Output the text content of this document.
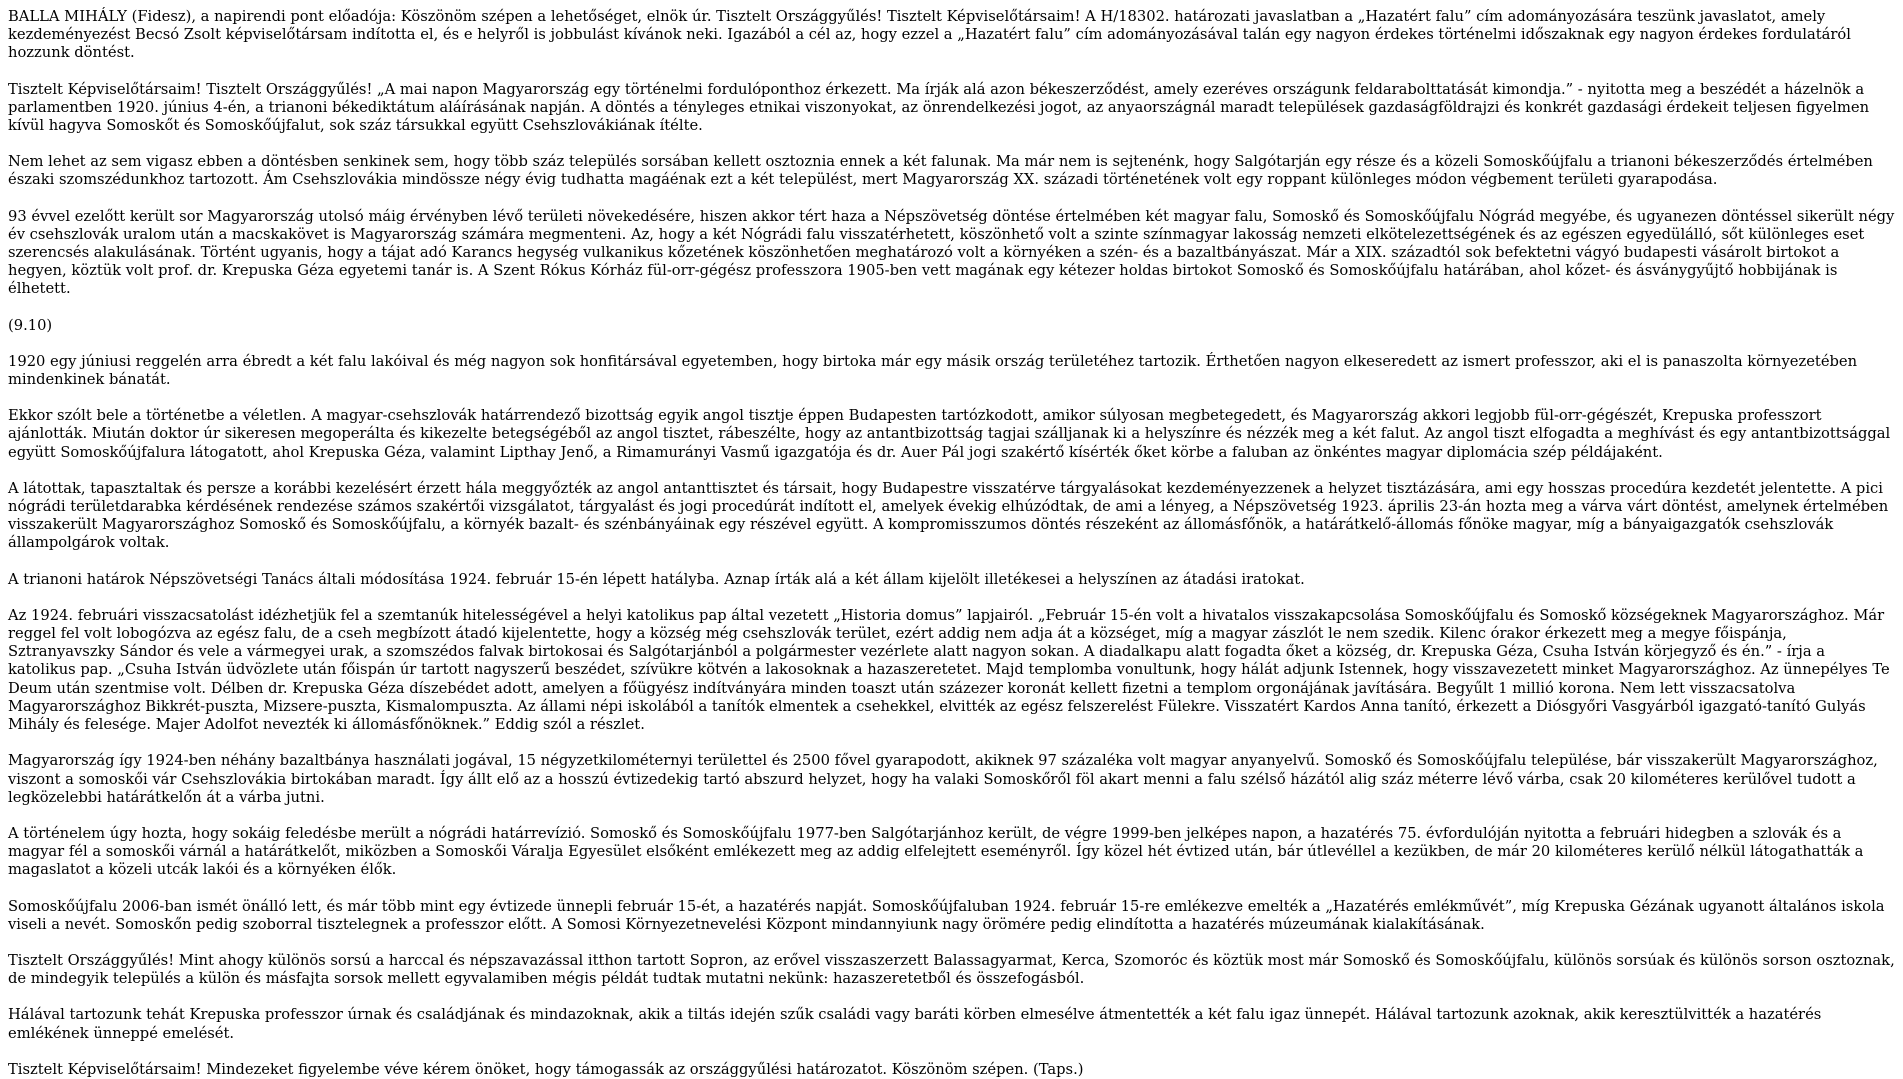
BALLA MIHÁLY (Fidesz), a napirendi pont előadója: Köszönöm szépen a lehetőséget, elnök úr. Tisztelt Országgyűlés! Tisztelt Képviselőtársaim! A H/18302. határozati javaslatban a „Hazatért falu” cím adományozására teszünk javaslatot, amely kezdeményezést Becsó Zsolt képviselőtársam indította el, és e helyről is jobbulást kívánok neki. Igazából a cél az, hogy ezzel a „Hazatért falu” cím adományozásával talán egy nagyon érdekes történelmi időszaknak egy nagyon érdekes fordulatáról hozzunk döntést.

Tisztelt Képviselőtársaim! Tisztelt Országgyűlés! „A mai napon Magyarország egy történelmi fordulóponthoz érkezett. Ma írják alá azon békeszerződést, amely ezeréves országunk feldarabolttatását kimondja.” - nyitotta meg a beszédét a házelnök a parlamentben 1920. június 4-én, a trianoni békediktátum aláírásának napján. A döntés a tényleges etnikai viszonyokat, az önrendelkezési jogot, az anyaországnál maradt települések gazdaságföldrajzi és konkrét gazdasági érdekeit teljesen figyelmen kívül hagyva Somoskőt és Somoskőújfalut, sok száz társukkal együtt Csehszlovákiának ítélte.

Nem lehet az sem vigasz ebben a döntésben senkinek sem, hogy több száz település sorsában kellett osztoznia ennek a két falunak. Ma már nem is sejtenénk, hogy Salgótarján egy része és a közeli Somoskőújfalu a trianoni békeszerződés értelmében északi szomszédunkhoz tartozott. Ám Csehszlovákia mindössze négy évig tudhatta magáénak ezt a két települést, mert Magyarország XX. századi történetének volt egy roppant különleges módon végbement területi gyarapodása.

93 évvel ezelőtt került sor Magyarország utolsó máig érvényben lévő területi növekedésére, hiszen akkor tért haza a Népszövetség döntése értelmében két magyar falu, Somoskő és Somoskőújfalu Nógrád megyébe, és ugyanezen döntéssel sikerült négy év csehszlovák uralom után a macskakövet is Magyarország számára megmenteni. Az, hogy a két Nógrádi falu visszatérhetett, köszönhető volt a szinte színmagyar lakosság nemzeti elkötelezettségének és az egészen egyedülálló, sőt különleges eset szerencsés alakulásának. Történt ugyanis, hogy a tájat adó Karancs hegység vulkanikus kőzetének köszönhetően meghatározó volt a környéken a szén- és a bazaltbányászat. Már a XIX. századtól sok befektetni vágyó budapesti vásárolt birtokot a hegyen, köztük volt prof. dr. Krepuska Géza egyetemi tanár is. A Szent Rókus Kórház fül-orr-gégész professzora 1905-ben vett magának egy kétezer holdas birtokot Somoskő és Somoskőújfalu határában, ahol kőzet- és ásványgyűjtő hobbijának is élhetett.

(9.10)

1920 egy júniusi reggelén arra ébredt a két falu lakóival és még nagyon sok honfitársával egyetemben, hogy birtoka már egy másik ország területéhez tartozik. Érthetően nagyon elkeseredett az ismert professzor, aki el is panaszolta környezetében mindenkinek bánatát.

Ekkor szólt bele a történetbe a véletlen. A magyar-csehszlovák határrendező bizottság egyik angol tisztje éppen Budapesten tartózkodott, amikor súlyosan megbetegedett, és Magyarország akkori legjobb fül-orr-gégészét, Krepuska professzort ajánlották. Miután doktor úr sikeresen megoperálta és kikezelte betegségéből az angol tisztet, rábeszélte, hogy az antantbizottság tagjai szálljanak ki a helyszínre és nézzék meg a két falut. Az angol tiszt elfogadta a meghívást és egy antantbizottsággal együtt Somoskőújfalura látogatott, ahol Krepuska Géza, valamint Lipthay Jenő, a Rimamurányi Vasmű igazgatója és dr. Auer Pál jogi szakértő kísérték őket körbe a faluban az önkéntes magyar diplomácia szép példájaként.

A látottak, tapasztaltak és persze a korábbi kezelésért érzett hála meggyőzték az angol antanttisztet és társait, hogy Budapestre visszatérve tárgyalásokat kezdeményezzenek a helyzet tisztázására, ami egy hosszas procedúra kezdetét jelentette. A pici nógrádi területdarabka kérdésének rendezése számos szakértői vizsgálatot, tárgyalást és jogi procedúrát indított el, amelyek évekig elhúzódtak, de ami a lényeg, a Népszövetség 1923. április 23-án hozta meg a várva várt döntést, amelynek értelmében visszakerült Magyarországhoz Somoskő és Somoskőújfalu, a környék bazalt- és szénbányáinak egy részével együtt. A kompromisszumos döntés részeként az állomásfőnök, a határátkelő-állomás főnöke magyar, míg a bányaigazgatók csehszlovák állampolgárok voltak.

A trianoni határok Népszövetségi Tanács általi módosítása 1924. február 15-én lépett hatályba. Aznap írták alá a két állam kijelölt illetékesei a helyszínen az átadási iratokat.

Az 1924. februári visszacsatolást idézhetjük fel a szemtanúk hitelességével a helyi katolikus pap által vezetett „Historia domus” lapjairól. „Február 15-én volt a hivatalos visszakapcsolása Somoskőújfalu és Somoskő községeknek Magyarországhoz. Már reggel fel volt lobogózva az egész falu, de a cseh megbízott átadó kijelentette, hogy a község még csehszlovák terület, ezért addig nem adja át a községet, míg a magyar zászlót le nem szedik. Kilenc órakor érkezett meg a megye főispánja, Sztranyavszky Sándor és vele a vármegyei urak, a szomszédos falvak birtokosai és Salgótarjánból a polgármester vezérlete alatt nagyon sokan. A diadalkapu alatt fogadta őket a község, dr. Krepuska Géza, Csuha István körjegyző és én.” - írja a katolikus pap. „Csuha István üdvözlete után főispán úr tartott nagyszerű beszédet, szívükre kötvén a lakosoknak a hazaszeretetet. Majd templomba vonultunk, hogy hálát adjunk Istennek, hogy visszavezetett minket Magyarországhoz. Az ünnepélyes Te Deum után szentmise volt. Délben dr. Krepuska Géza díszebédet adott, amelyen a főügyész indítványára minden toaszt után százezer koronát kellett fizetni a templom orgonájának javítására. Begyűlt 1 millió korona. Nem lett visszacsatolva Magyarországhoz Bikkrét-puszta, Mizsere-puszta, Kismalompuszta. Az állami népi iskolából a tanítók elmentek a csehekkel, elvitték az egész felszerelést Fülekre. Visszatért Kardos Anna tanító, érkezett a Diósgyőri Vasgyárból igazgató-tanító Gulyás Mihály és felesége. Majer Adolfot nevezték ki állomásfőnöknek.” Eddig szól a részlet.

Magyarország így 1924-ben néhány bazaltbánya használati jogával, 15 négyzetkilométernyi területtel és 2500 fővel gyarapodott, akiknek 97 százaléka volt magyar anyanyelvű. Somoskő és Somoskőújfalu települése, bár visszakerült Magyarországhoz, viszont a somoskői vár Csehszlovákia birtokában maradt. Így állt elő az a hosszú évtizedekig tartó abszurd helyzet, hogy ha valaki Somoskőről föl akart menni a falu szélső házától alig száz méterre lévő várba, csak 20 kilométeres kerülővel tudott a legközelebbi határátkelőn át a várba jutni.

A történelem úgy hozta, hogy sokáig feledésbe merült a nógrádi határrevízió. Somoskő és Somoskőújfalu 1977-ben Salgótarjánhoz került, de végre 1999-ben jelképes napon, a hazatérés 75. évfordulóján nyitotta a februári hidegben a szlovák és a magyar fél a somoskői várnál a határátkelőt, miközben a Somoskői Váralja Egyesület elsőként emlékezett meg az addig elfelejtett eseményről. Így közel hét évtized után, bár útlevéllel a kezükben, de már 20 kilométeres kerülő nélkül látogathatták a magaslatot a közeli utcák lakói és a környéken élők.

Somoskőújfalu 2006-ban ismét önálló lett, és már több mint egy évtizede ünnepli február 15-ét, a hazatérés napját. Somoskőújfaluban 1924. február 15-re emlékezve emelték a „Hazatérés emlékművét”, míg Krepuska Gézának ugyanott általános iskola viseli a nevét. Somoskőn pedig szoborral tisztelegnek a professzor előtt. A Somosi Környezetnevelési Központ mindannyiunk nagy örömére pedig elindította a hazatérés múzeumának kialakításának.

Tisztelt Országgyűlés! Mint ahogy különös sorsú a harccal és népszavazással itthon tartott Sopron, az erővel visszaszerzett Balassagyarmat, Kerca, Szomoróc és köztük most már Somoskő és Somoskőújfalu, különös sorsúak és különös sorson osztoznak, de mindegyik település a külön és másfajta sorsok mellett egyvalamiben mégis példát tudtak mutatni nekünk: hazaszeretetből és összefogásból.

Hálával tartozunk tehát Krepuska professzor úrnak és családjának és mindazoknak, akik a tiltás idején szűk családi vagy baráti körben elmesélve átmentették a két falu igaz ünnepét. Hálával tartozunk azoknak, akik keresztülvitték a hazatérés emlékének ünneppé emelését.

Tisztelt Képviselőtársaim! Mindezeket figyelembe véve kérem önöket, hogy támogassák az országgyűlési határozatot. Köszönöm szépen. (Taps.)
